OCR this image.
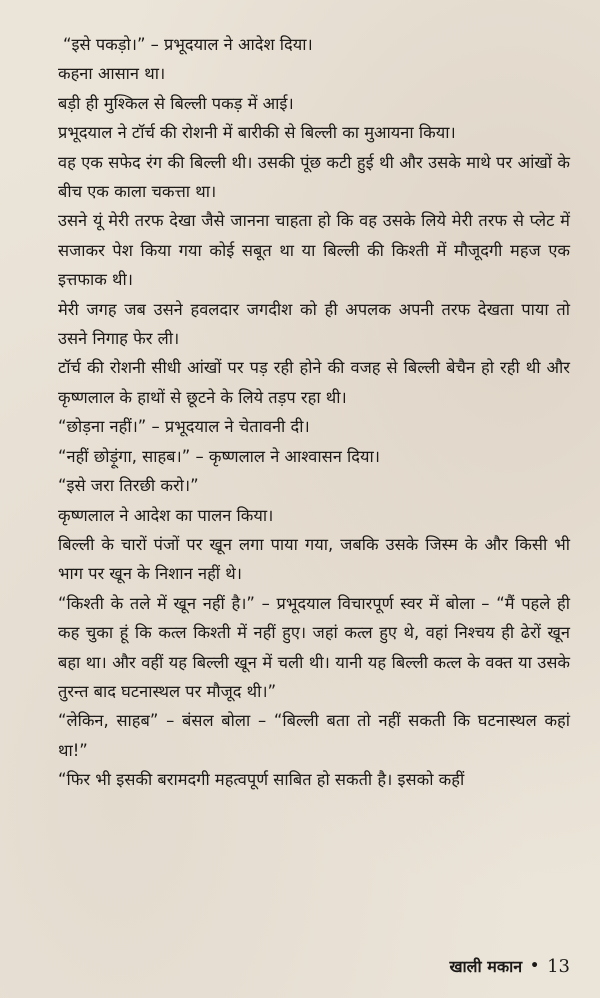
“इसे पकड़ो।” – प्रभूदयाल ने आदेश दिया।

कहना आसान था।

बड़ी ही मुश्किल से बिल्ली पकड़ में आई।

प्रभूदयाल ने टॉर्च की रोशनी में बारीकी से बिल्ली का मुआयना किया।

वह एक सफेद रंग की बिल्ली थी। उसकी पूंछ कटी हुई थी और उसके माथे पर आंखों के बीच एक काला चकत्ता था।

उसने यूं मेरी तरफ देखा जैसे जानना चाहता हो कि वह उसके लिये मेरी तरफ से प्लेट में सजाकर पेश किया गया कोई सबूत था या बिल्ली की किश्ती में मौजूदगी महज एक इत्तफाक थी।

मेरी जगह जब उसने हवलदार जगदीश को ही अपलक अपनी तरफ देखता पाया तो उसने निगाह फेर ली।

टॉर्च की रोशनी सीधी आंखों पर पड़ रही होने की वजह से बिल्ली बेचैन हो रही थी और कृष्णलाल के हाथों से छूटने के लिये तड़प रहा थी।

“छोड़ना नहीं।” – प्रभूदयाल ने चेतावनी दी।

“नहीं छोड़ूंगा, साहब।” – कृष्णलाल ने आश्वासन दिया।

“इसे जरा तिरछी करो।”

कृष्णलाल ने आदेश का पालन किया।

बिल्ली के चारों पंजों पर खून लगा पाया गया, जबकि उसके जिस्म के और किसी भी भाग पर खून के निशान नहीं थे।

“किश्ती के तले में खून नहीं है।” – प्रभूदयाल विचारपूर्ण स्वर में बोला – “मैं पहले ही कह चुका हूं कि कत्ल किश्ती में नहीं हुए। जहां कत्ल हुए थे, वहां निश्चय ही ढेरों खून बहा था। और वहीं यह बिल्ली खून में चली थी। यानी यह बिल्ली कत्ल के वक्त या उसके तुरन्त बाद घटनास्थल पर मौजूद थी।”

“लेकिन, साहब” – बंसल बोला – “बिल्ली बता तो नहीं सकती कि घटनास्थल कहां था!”

“फिर भी इसकी बरामदगी महत्वपूर्ण साबित हो सकती है। इसको कहीं

खाली मकान • 13
